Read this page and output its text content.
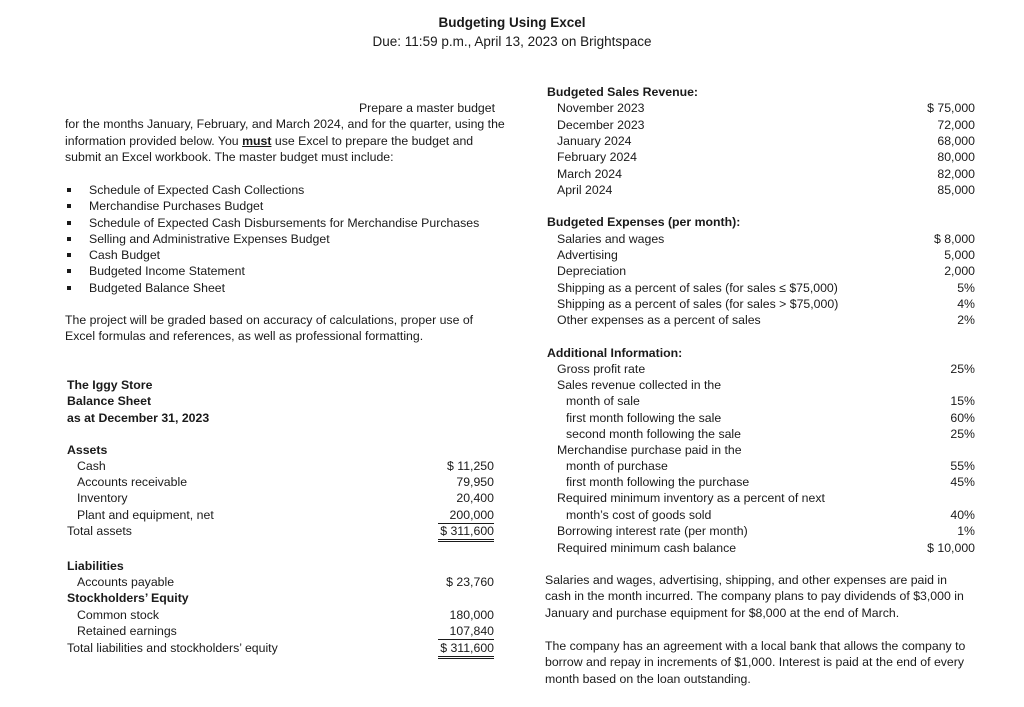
Budgeting Using Excel
Due: 11:59 p.m., April 13, 2023 on Brightspace
Prepare a master budget
for the months January, February, and March 2024, and for the quarter, using the information provided below. You must use Excel to prepare the budget and submit an Excel workbook. The master budget must include:
Schedule of Expected Cash Collections
Merchandise Purchases Budget
Schedule of Expected Cash Disbursements for Merchandise Purchases
Selling and Administrative Expenses Budget
Cash Budget
Budgeted Income Statement
Budgeted Balance Sheet
The project will be graded based on accuracy of calculations, proper use of Excel formulas and references, as well as professional formatting.
The Iggy Store
Balance Sheet
as at December 31, 2023
Assets
Cash	$ 11,250
Accounts receivable	79,950
Inventory	20,400
Plant and equipment, net	200,000
Total assets	$ 311,600
Liabilities
Accounts payable	$ 23,760
Stockholders’ Equity
Common stock	180,000
Retained earnings	107,840
Total liabilities and stockholders’ equity	$ 311,600
Budgeted Sales Revenue:
November 2023	$ 75,000
December 2023	72,000
January 2024	68,000
February 2024	80,000
March 2024	82,000
April 2024	85,000
Budgeted Expenses (per month):
Salaries and wages	$ 8,000
Advertising	5,000
Depreciation	2,000
Shipping as a percent of sales (for sales ≤ $75,000)	5%
Shipping as a percent of sales (for sales > $75,000)	4%
Other expenses as a percent of sales	2%
Additional Information:
Gross profit rate	25%
Sales revenue collected in the
month of sale	15%
first month following the sale	60%
second month following the sale	25%
Merchandise purchase paid in the
month of purchase	55%
first month following the purchase	45%
Required minimum inventory as a percent of next
month’s cost of goods sold	40%
Borrowing interest rate (per month)	1%
Required minimum cash balance	$ 10,000
Salaries and wages, advertising, shipping, and other expenses are paid in cash in the month incurred. The company plans to pay dividends of $3,000 in January and purchase equipment for $8,000 at the end of March.
The company has an agreement with a local bank that allows the company to borrow and repay in increments of $1,000. Interest is paid at the end of every month based on the loan outstanding.
